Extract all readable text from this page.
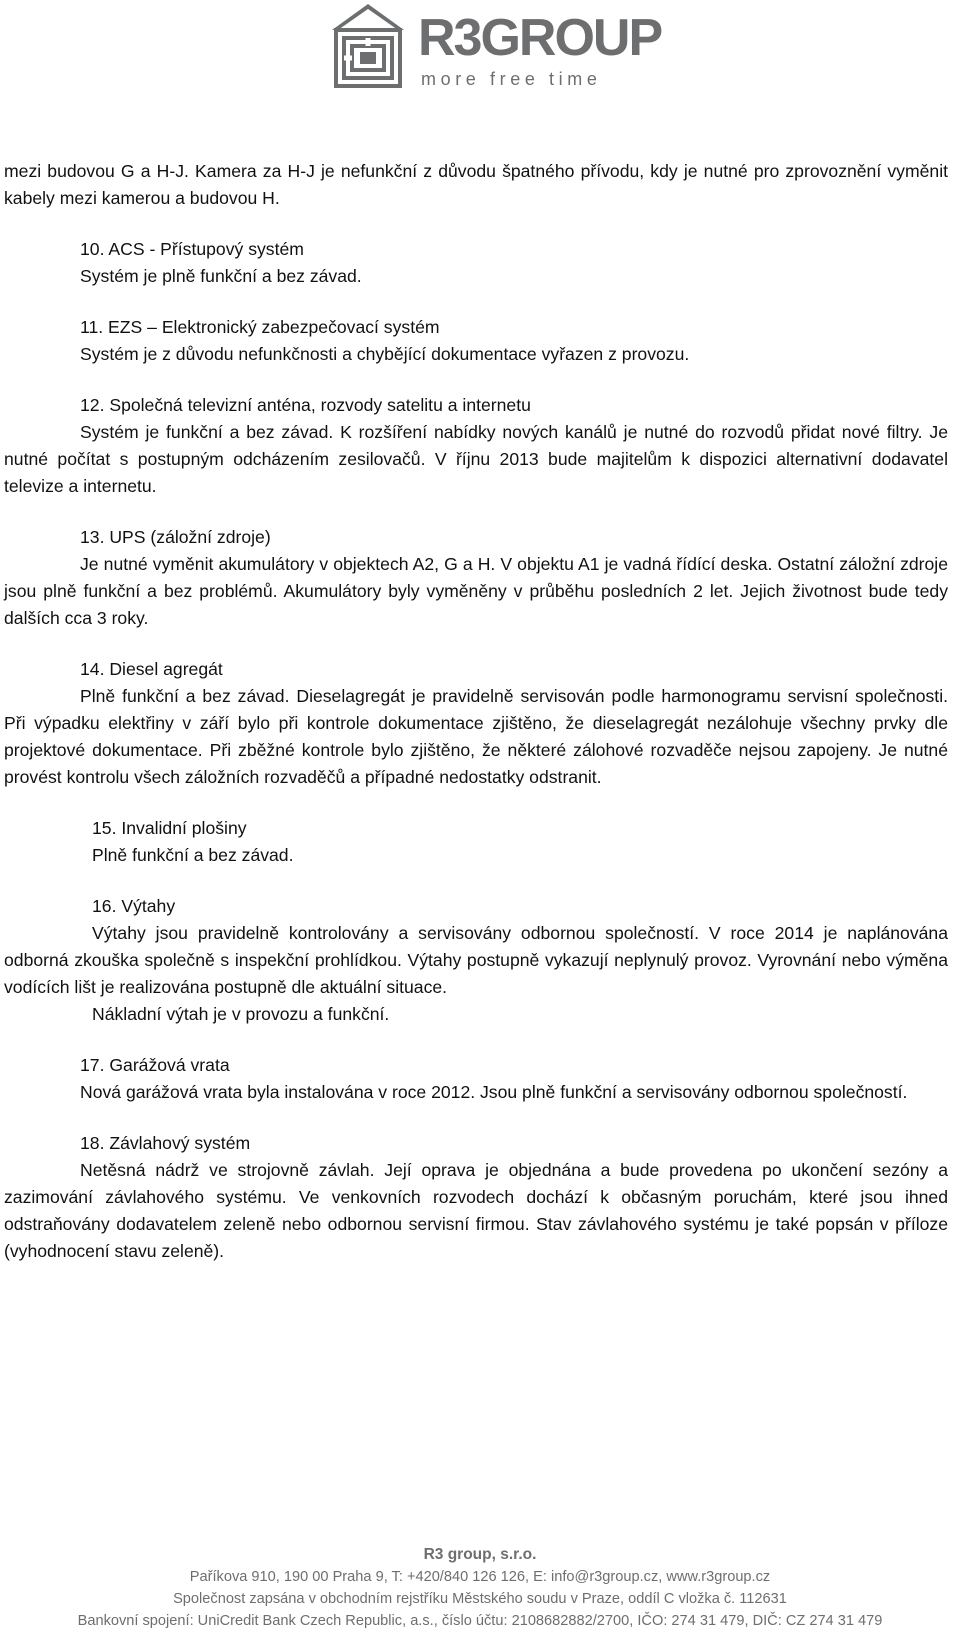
R3GROUP
more free time

mezi budovou G a H-J. Kamera za H-J je nefunkční z důvodu špatného přívodu, kdy je nutné pro zprovoznění vyměnit kabely mezi kamerou a budovou H.

10. ACS - Přístupový systém

Systém je plně funkční a bez závad.

11. EZS – Elektronický zabezpečovací systém

Systém je z důvodu nefunkčnosti a chybějící dokumentace vyřazen z provozu.

12. Společná televizní anténa, rozvody satelitu a internetu

Systém je funkční a bez závad. K rozšíření nabídky nových kanálů je nutné do rozvodů přidat nové filtry. Je nutné počítat s postupným odcházením zesilovačů. V říjnu 2013 bude majitelům k dispozici alternativní dodavatel televize a internetu.

13. UPS (záložní zdroje)

Je nutné vyměnit akumulátory v objektech A2, G a H. V objektu A1 je vadná řídící deska. Ostatní záložní zdroje jsou plně funkční a bez problémů. Akumulátory byly vyměněny v průběhu posledních 2 let. Jejich životnost bude tedy dalších cca 3 roky.

14. Diesel agregát

Plně funkční a bez závad. Dieselagregát je pravidelně servisován podle harmonogramu servisní společnosti. Při výpadku elektřiny v září bylo při kontrole dokumentace zjištěno, že dieselagregát nezálohuje všechny prvky dle projektové dokumentace. Při zběžné kontrole bylo zjištěno, že některé zálohové rozvaděče nejsou zapojeny. Je nutné provést kontrolu všech záložních rozvaděčů a případné nedostatky odstranit.

15. Invalidní plošiny

Plně funkční a bez závad.

16. Výtahy

Výtahy jsou pravidelně kontrolovány a servisovány odbornou společností. V roce 2014 je naplánována odborná zkouška společně s inspekční prohlídkou. Výtahy postupně vykazují neplynulý provoz. Vyrovnání nebo výměna vodících lišt je realizována postupně dle aktuální situace.

Nákladní výtah je v provozu a funkční.

17. Garážová vrata

Nová garážová vrata byla instalována v roce 2012. Jsou plně funkční a servisovány odbornou společností.

18. Závlahový systém

Netěsná nádrž ve strojovně závlah. Její oprava je objednána a bude provedena po ukončení sezóny a zazimování závlahového systému. Ve venkovních rozvodech dochází k občasným poruchám, které jsou ihned odstraňovány dodavatelem zeleně nebo odbornou servisní firmou. Stav závlahového systému je také popsán v příloze (vyhodnocení stavu zeleně).

R3 group, s.r.o.
Paříkova 910, 190 00 Praha 9, T: +420/840 126 126, E: info@r3group.cz, www.r3group.cz
Společnost zapsána v obchodním rejstříku Městského soudu v Praze, oddíl C vložka č. 112631
Bankovní spojení: UniCredit Bank Czech Republic, a.s., číslo účtu: 2108682882/2700, IČO: 274 31 479, DIČ: CZ 274 31 479
